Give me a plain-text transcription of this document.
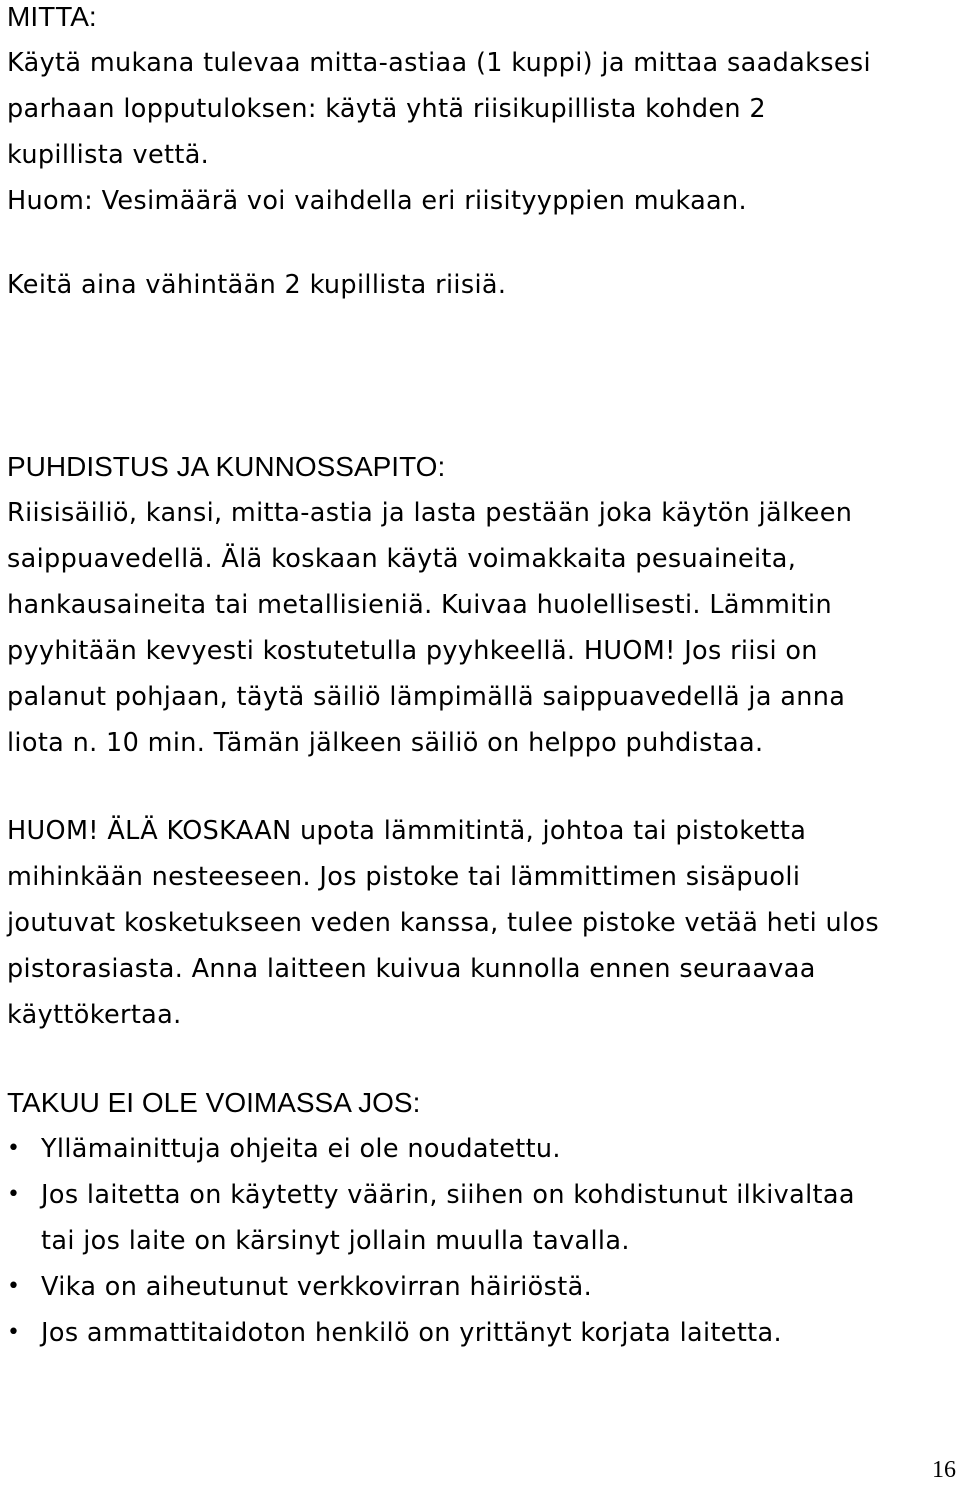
MITTA:
Käytä mukana tulevaa mitta-astiaa (1 kuppi) ja mittaa saadaksesi
parhaan lopputuloksen: käytä yhtä riisikupillista kohden 2
kupillista vettä.
Huom: Vesimäärä voi vaihdella eri riisityyppien mukaan.
Keitä aina vähintään 2 kupillista riisiä.
PUHDISTUS JA KUNNOSSAPITO:
Riisisäiliö, kansi, mitta-astia ja lasta pestään joka käytön jälkeen
saippuavedellä. Älä koskaan käytä voimakkaita pesuaineita,
hankausaineita tai metallisieniä. Kuivaa huolellisesti. Lämmitin
pyyhitään kevyesti kostutetulla pyyhkeellä. HUOM! Jos riisi on
palanut pohjaan, täytä säiliö lämpimällä saippuavedellä ja anna
liota n. 10 min. Tämän jälkeen säiliö on helppo puhdistaa.
HUOM! ÄLÄ KOSKAAN upota lämmitintä, johtoa tai pistoketta
mihinkään nesteeseen. Jos pistoke tai lämmittimen sisäpuoli
joutuvat kosketukseen veden kanssa, tulee pistoke vetää heti ulos
pistorasiasta. Anna laitteen kuivua kunnolla ennen seuraavaa
käyttökertaa.
TAKUU EI OLE VOIMASSA JOS:
• Yllämainittuja ohjeita ei ole noudatettu.
• Jos laitetta on käytetty väärin, siihen on kohdistunut ilkivaltaa
tai jos laite on kärsinyt jollain muulla tavalla.
• Vika on aiheutunut verkkovirran häiriöstä.
• Jos ammattitaidoton henkilö on yrittänyt korjata laitetta.
16
